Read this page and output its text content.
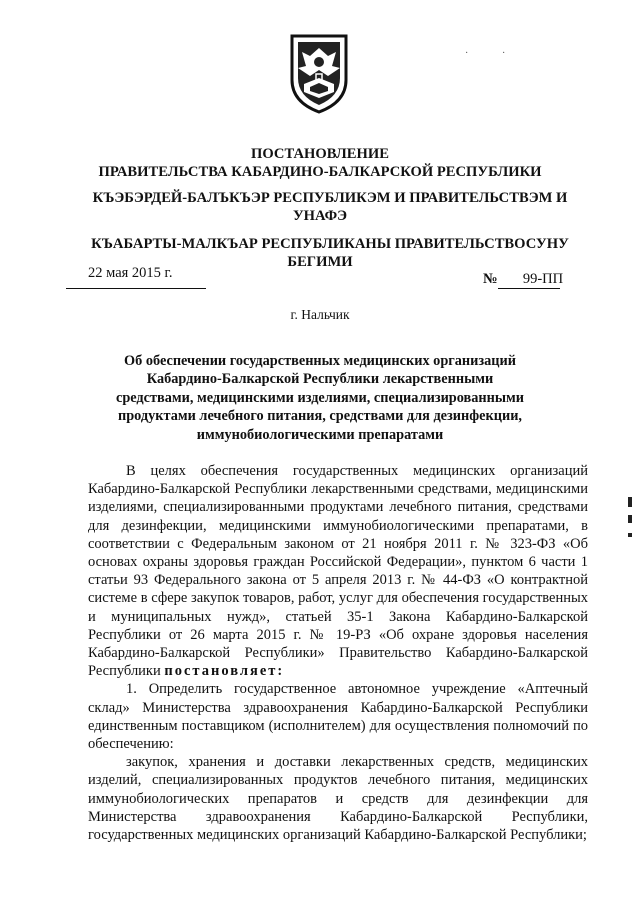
·	·
ПОСТАНОВЛЕНИЕ
ПРАВИТЕЛЬСТВА КАБАРДИНО-БАЛКАРСКОЙ РЕСПУБЛИКИ
КЪЭБЭРДЕЙ-БАЛЪКЪЭР РЕСПУБЛИКЭМ И ПРАВИТЕЛЬСТВЭМ И
УНАФЭ
КЪАБАРТЫ-МАЛКЪАР РЕСПУБЛИКАНЫ ПРАВИТЕЛЬСТВОСУНУ
БЕГИМИ
22 мая 2015 г.	№ 99-ПП
г. Нальчик
Об обеспечении государственных медицинских организаций Кабардино-Балкарской Республики лекарственными средствами, медицинскими изделиями, специализированными продуктами лечебного питания, средствами для дезинфекции, иммунобиологическими препаратами

В целях обеспечения государственных медицинских организаций Кабардино-Балкарской Республики лекарственными средствами, медицинскими изделиями, специализированными продуктами лечебного питания, средствами для дезинфекции, медицинскими иммунобиологическими препаратами, в соответствии с Федеральным законом от 21 ноября 2011 г. № 323-ФЗ «Об основах охраны здоровья граждан Российской Федерации», пунктом 6 части 1 статьи 93 Федерального закона от 5 апреля 2013 г. № 44-ФЗ «О контрактной системе в сфере закупок товаров, работ, услуг для обеспечения государственных и муниципальных нужд», статьей 35-1 Закона Кабардино-Балкарской Республики от 26 марта 2015 г. № 19-РЗ «Об охране здоровья населения Кабардино-Балкарской Республики» Правительство Кабардино-Балкарской Республики постановляет:

1. Определить государственное автономное учреждение «Аптечный склад» Министерства здравоохранения Кабардино-Балкарской Республики единственным поставщиком (исполнителем) для осуществления полномочий по обеспечению:

закупок, хранения и доставки лекарственных средств, медицинских изделий, специализированных продуктов лечебного питания, медицинских иммунобиологических препаратов и средств для дезинфекции для Министерства здравоохранения Кабардино-Балкарской Республики, государственных медицинских организаций Кабардино-Балкарской Республики;
